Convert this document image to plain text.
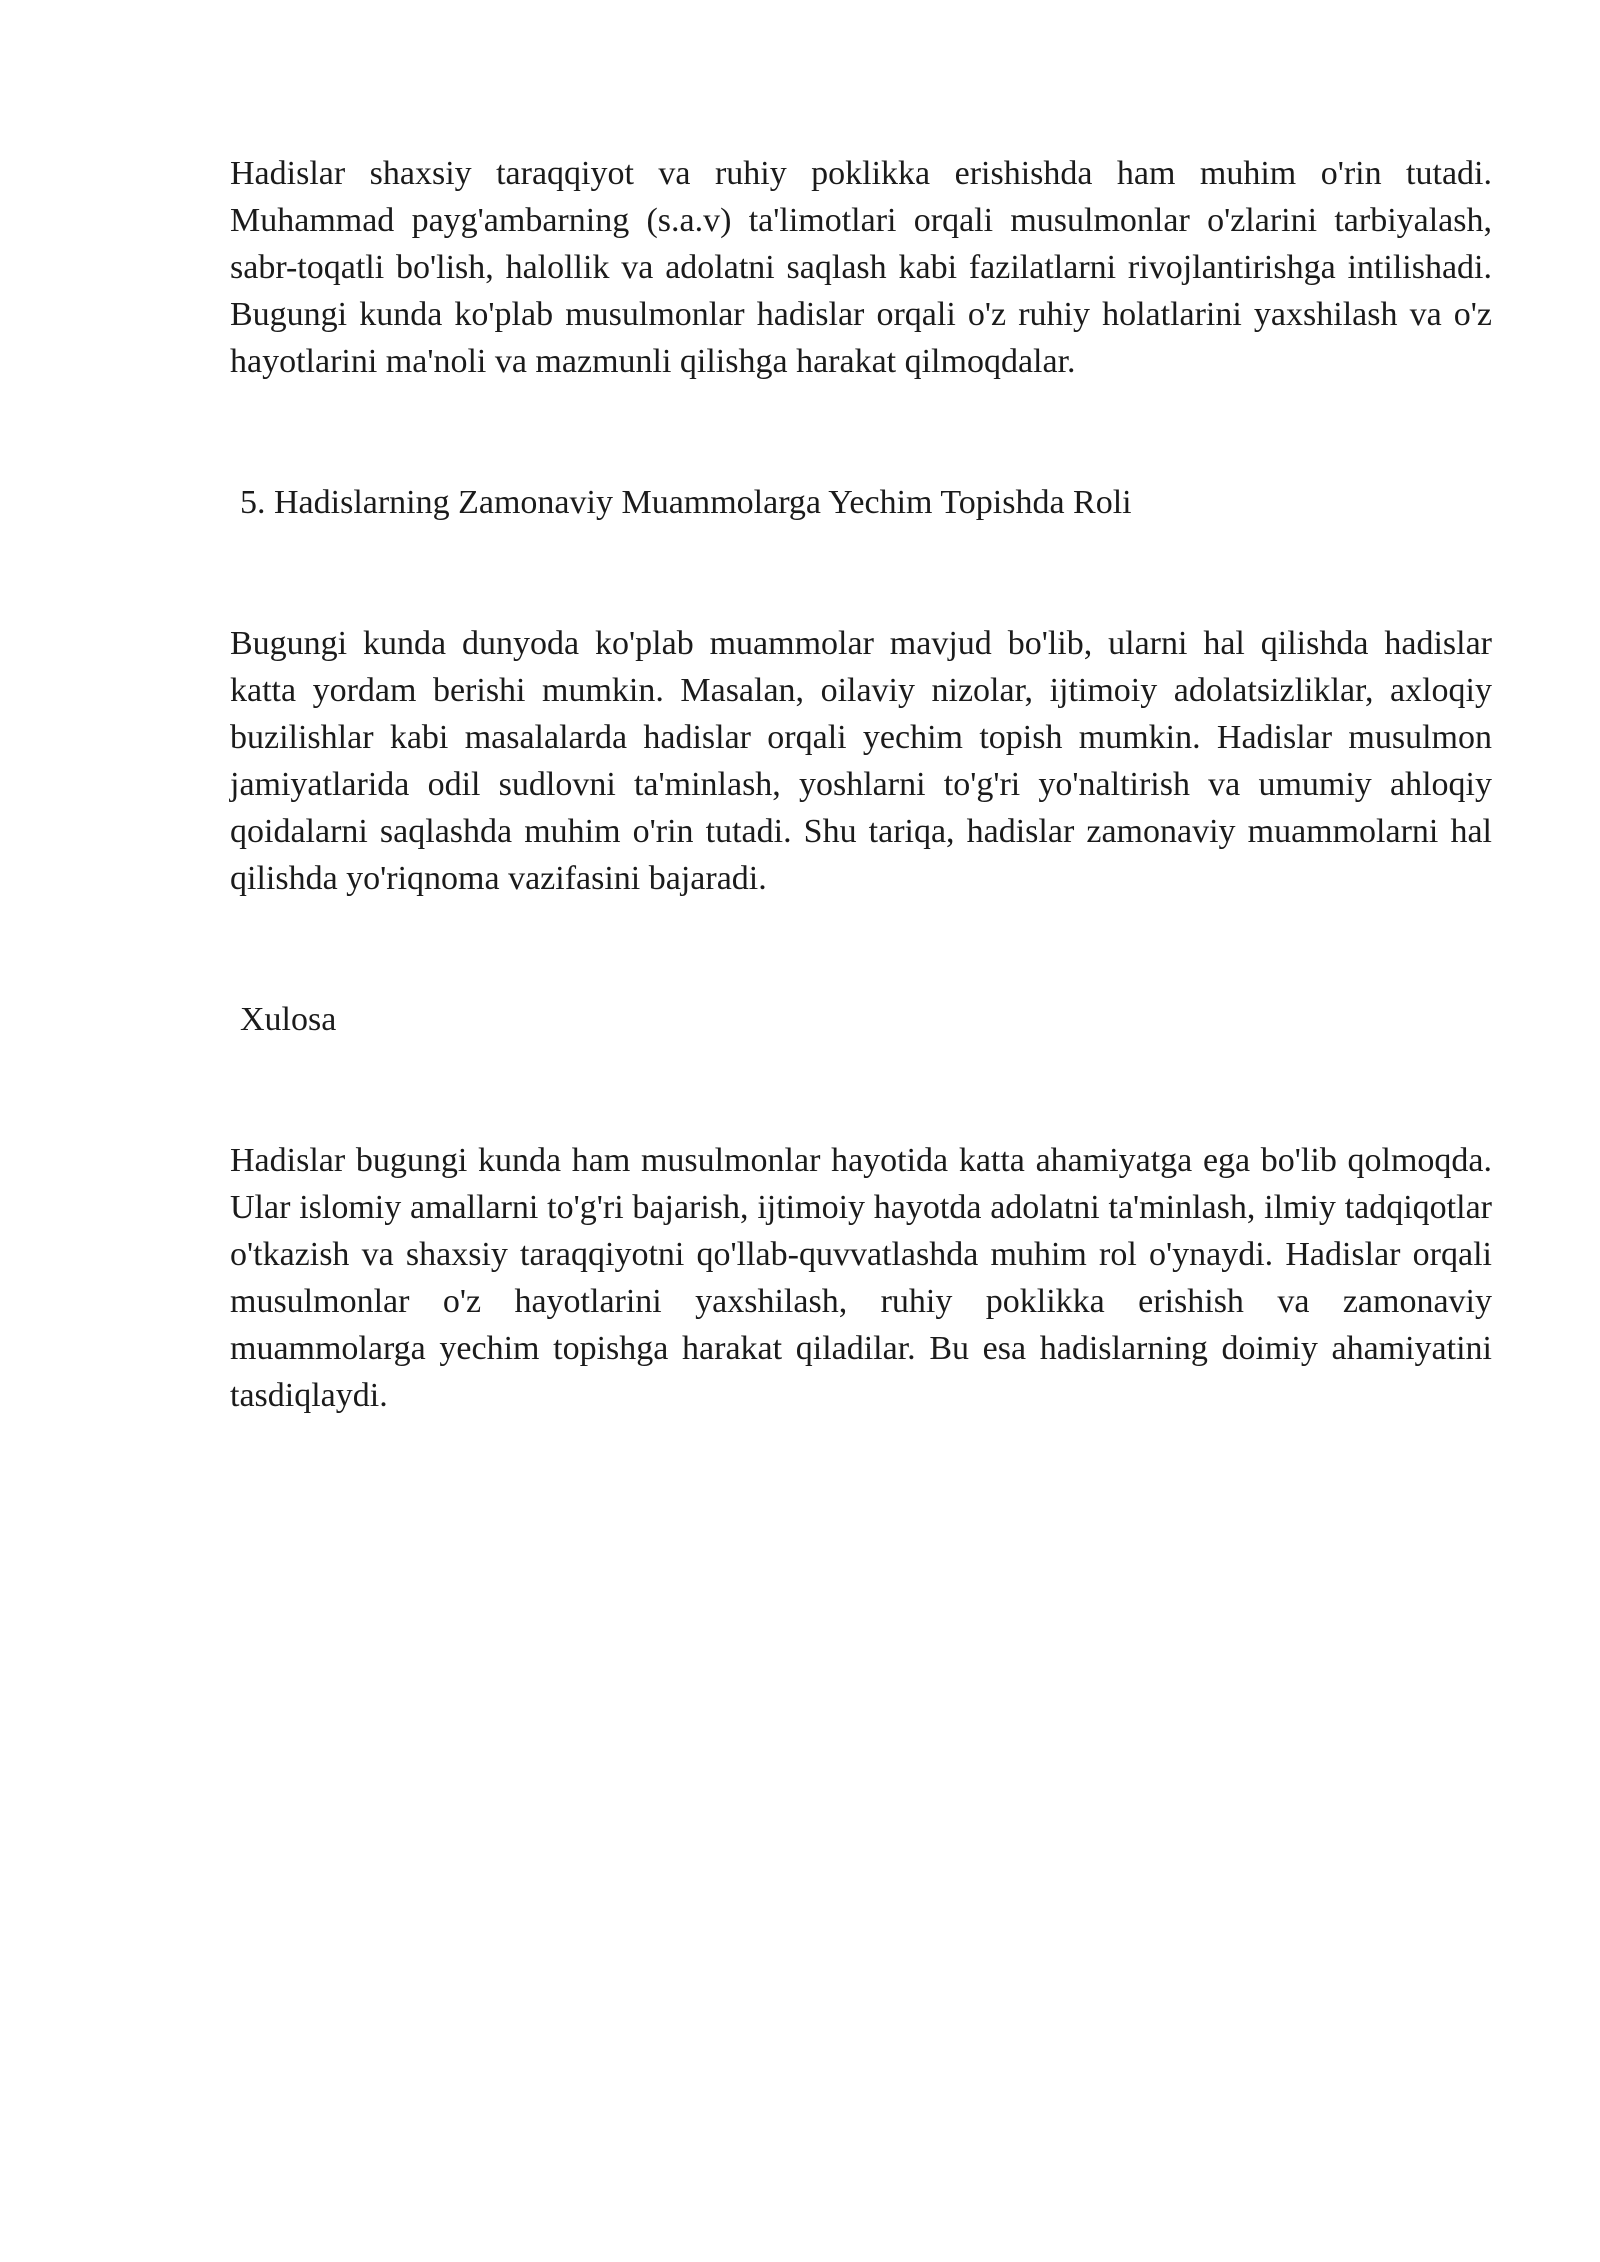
Hadislar shaxsiy taraqqiyot va ruhiy poklikka erishishda ham muhim o'rin tutadi. Muhammad payg'ambarning (s.a.v) ta'limotlari orqali musulmonlar o'zlarini tarbiyalash, sabr-toqatli bo'lish, halollik va adolatni saqlash kabi fazilatlarni rivojlantirishga intilishadi. Bugungi kunda ko'plab musulmonlar hadislar orqali o'z ruhiy holatlarini yaxshilash va o'z hayotlarini ma'noli va mazmunli qilishga harakat qilmoqdalar.

5. Hadislarning Zamonaviy Muammolarga Yechim Topishda Roli

Bugungi kunda dunyoda ko'plab muammolar mavjud bo'lib, ularni hal qilishda hadislar katta yordam berishi mumkin. Masalan, oilaviy nizolar, ijtimoiy adolatsizliklar, axloqiy buzilishlar kabi masalalarda hadislar orqali yechim topish mumkin. Hadislar musulmon jamiyatlarida odil sudlovni ta'minlash, yoshlarni to'g'ri yo'naltirish va umumiy ahloqiy qoidalarni saqlashda muhim o'rin tutadi. Shu tariqa, hadislar zamonaviy muammolarni hal qilishda yo'riqnoma vazifasini bajaradi.

Xulosa

Hadislar bugungi kunda ham musulmonlar hayotida katta ahamiyatga ega bo'lib qolmoqda. Ular islomiy amallarni to'g'ri bajarish, ijtimoiy hayotda adolatni ta'minlash, ilmiy tadqiqotlar o'tkazish va shaxsiy taraqqiyotni qo'llab-quvvatlashda muhim rol o'ynaydi. Hadislar orqali musulmonlar o'z hayotlarini yaxshilash, ruhiy poklikka erishish va zamonaviy muammolarga yechim topishga harakat qiladilar. Bu esa hadislarning doimiy ahamiyatini tasdiqlaydi.
